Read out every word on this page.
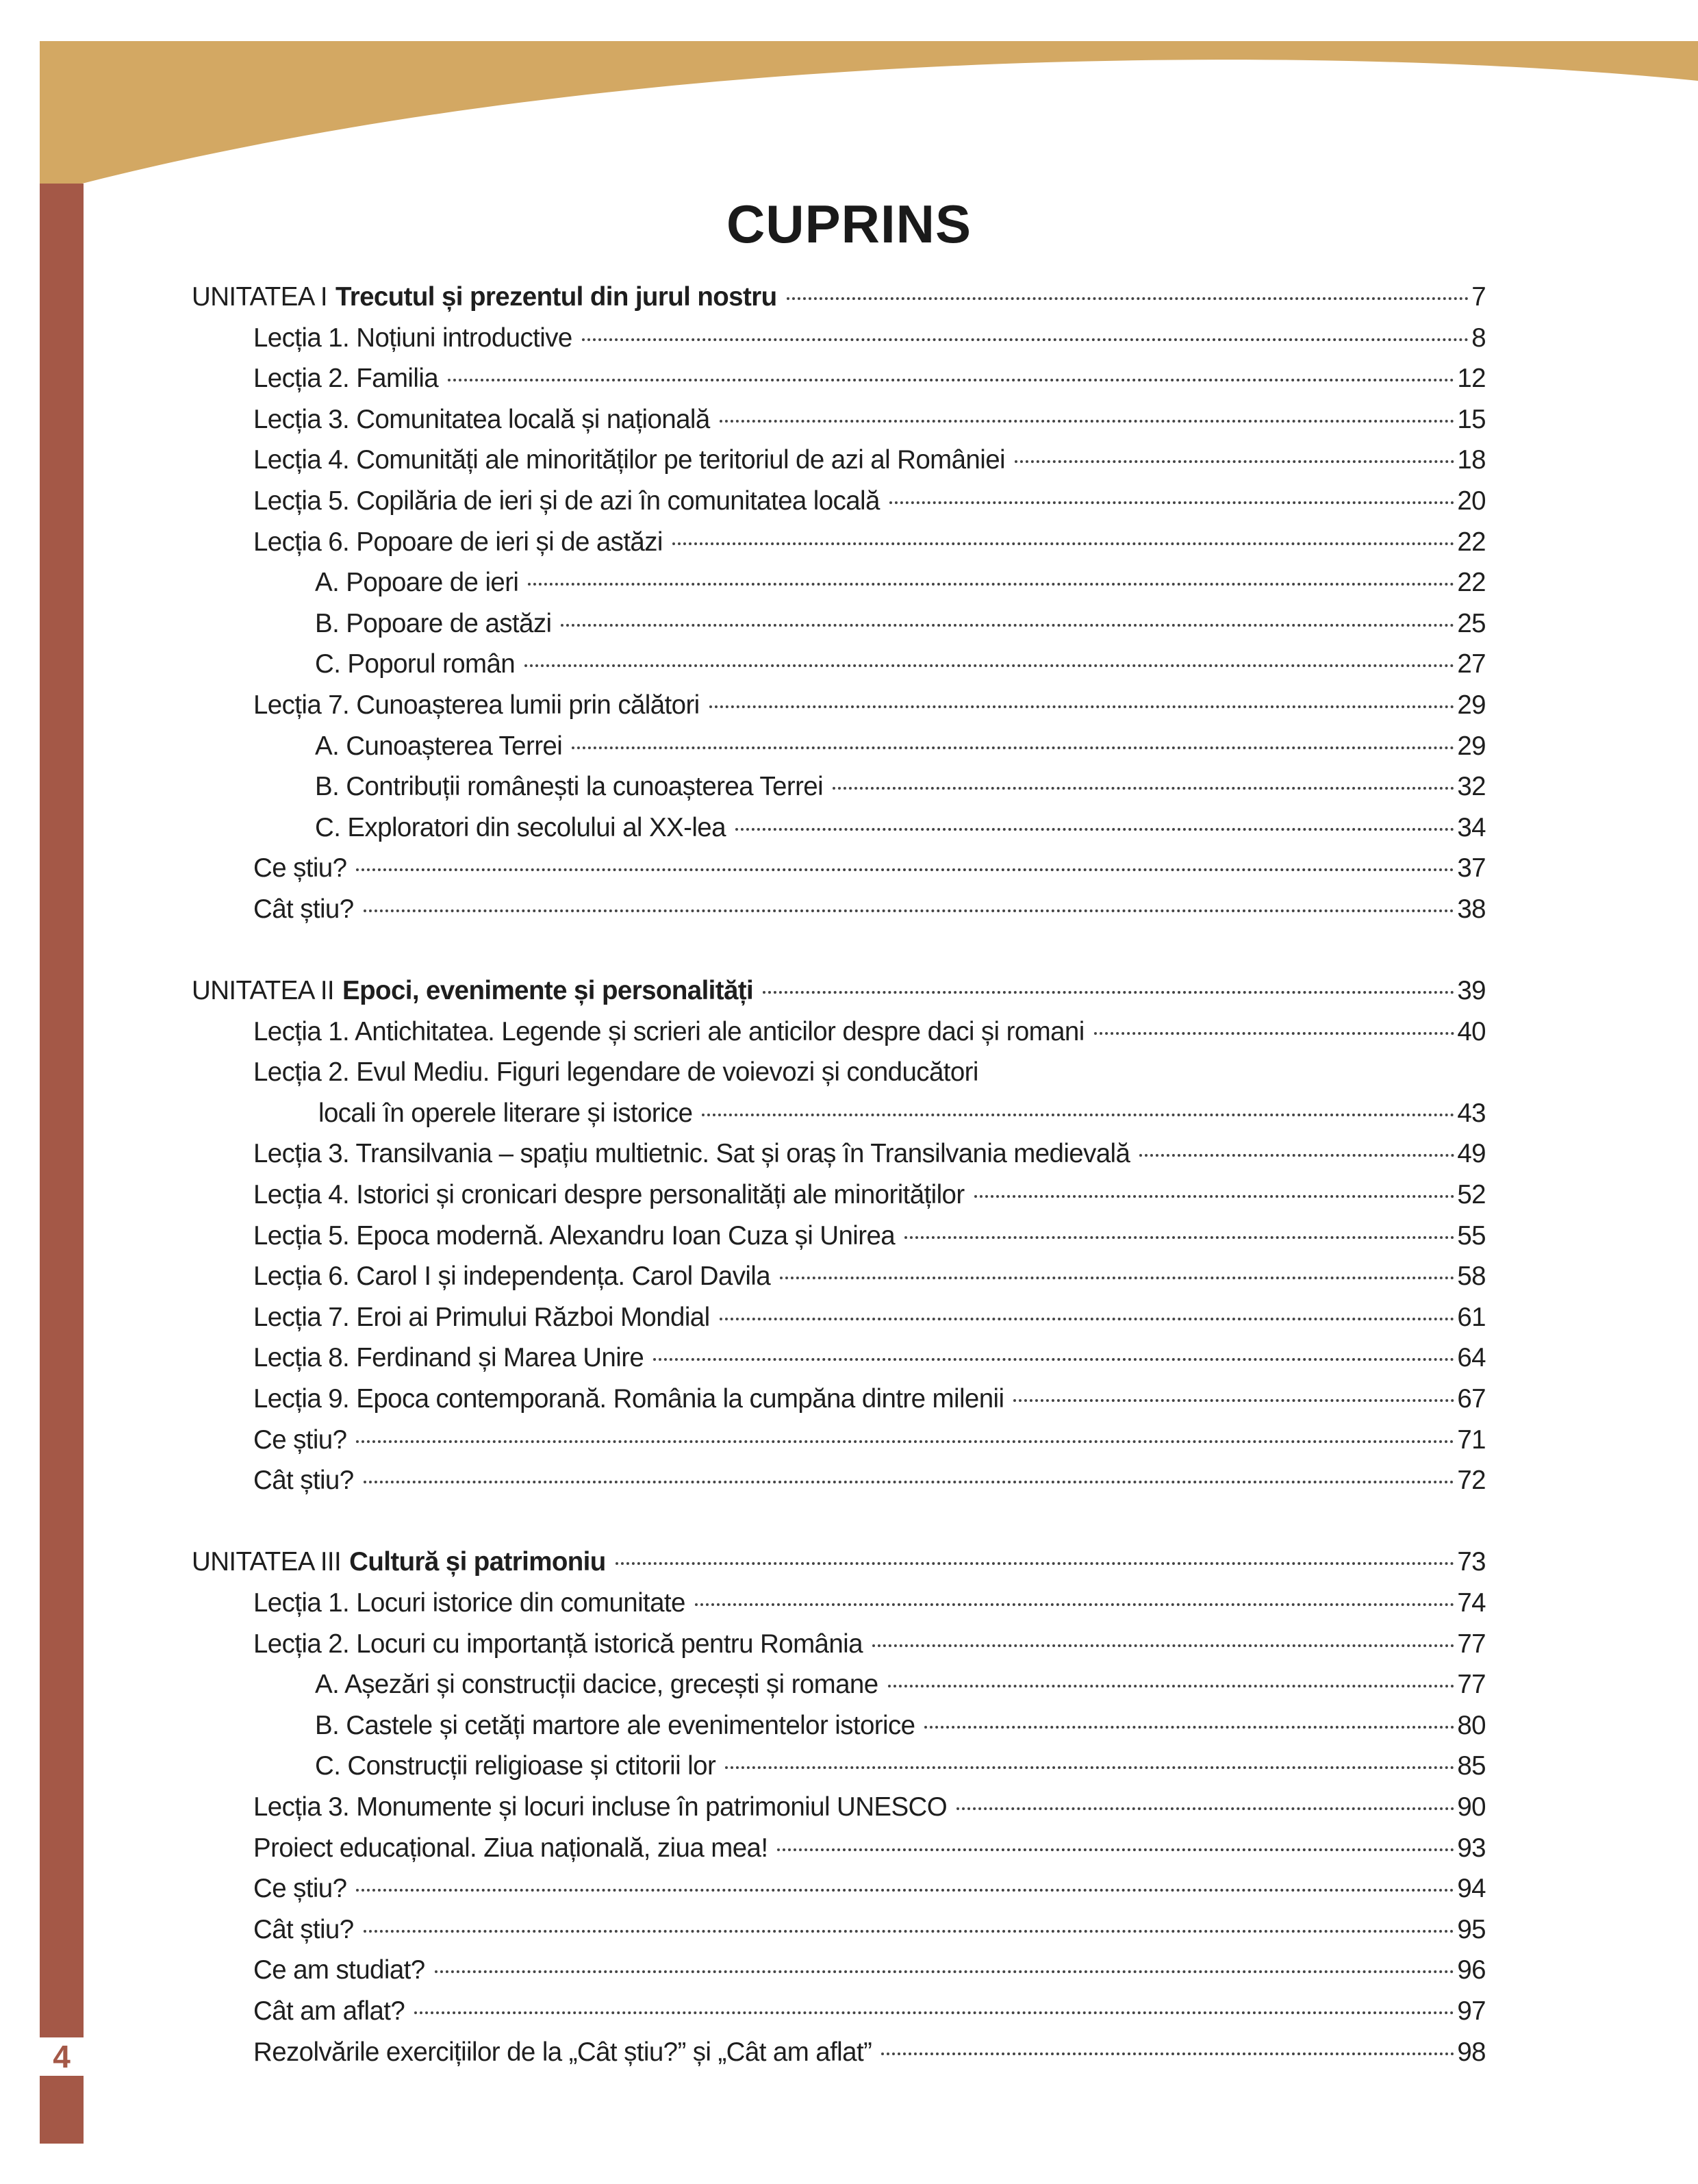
4
CUPRINS
UNITATEA I Trecutul și prezentul din jurul nostru	7
Lecția 1. Noțiuni introductive	8
Lecția 2. Familia	12
Lecția 3. Comunitatea locală și națională	15
Lecția 4. Comunități ale minorităților pe teritoriul de azi al României	18
Lecția 5. Copilăria de ieri și de azi în comunitatea locală	20
Lecția 6. Popoare de ieri și de astăzi	22
A. Popoare de ieri	22
B. Popoare de astăzi	25
C. Poporul român	27
Lecția 7. Cunoașterea lumii prin călători	29
A. Cunoașterea Terrei	29
B. Contribuții românești la cunoașterea Terrei	32
C. Exploratori din secolului al XX-lea	34
Ce știu?	37
Cât știu?	38
UNITATEA II Epoci, evenimente și personalități	39
Lecția 1. Antichitatea. Legende și scrieri ale anticilor despre daci și romani	40
Lecția 2. Evul Mediu. Figuri legendare de voievozi și conducători
locali în operele literare și istorice	43
Lecția 3. Transilvania – spațiu multietnic. Sat și oraș în Transilvania medievală	49
Lecția 4. Istorici și cronicari despre personalități ale minorităților	52
Lecția 5. Epoca modernă. Alexandru Ioan Cuza și Unirea	55
Lecția 6. Carol I și independența. Carol Davila	58
Lecția 7. Eroi ai Primului Război Mondial	61
Lecția 8. Ferdinand și Marea Unire	64
Lecția 9. Epoca contemporană. România la cumpăna dintre milenii	67
Ce știu?	71
Cât știu?	72
UNITATEA III Cultură și patrimoniu	73
Lecția 1. Locuri istorice din comunitate	74
Lecția 2. Locuri cu importanță istorică pentru România	77
A. Așezări și construcții dacice, grecești și romane	77
B. Castele și cetăți martore ale evenimentelor istorice	80
C. Construcții religioase și ctitorii lor	85
Lecția 3. Monumente și locuri incluse în patrimoniul UNESCO	90
Proiect educațional. Ziua națională, ziua mea!	93
Ce știu?	94
Cât știu?	95
Ce am studiat?	96
Cât am aflat?	97
Rezolvările exercițiilor de la „Cât știu?” și „Cât am aflat”	98
